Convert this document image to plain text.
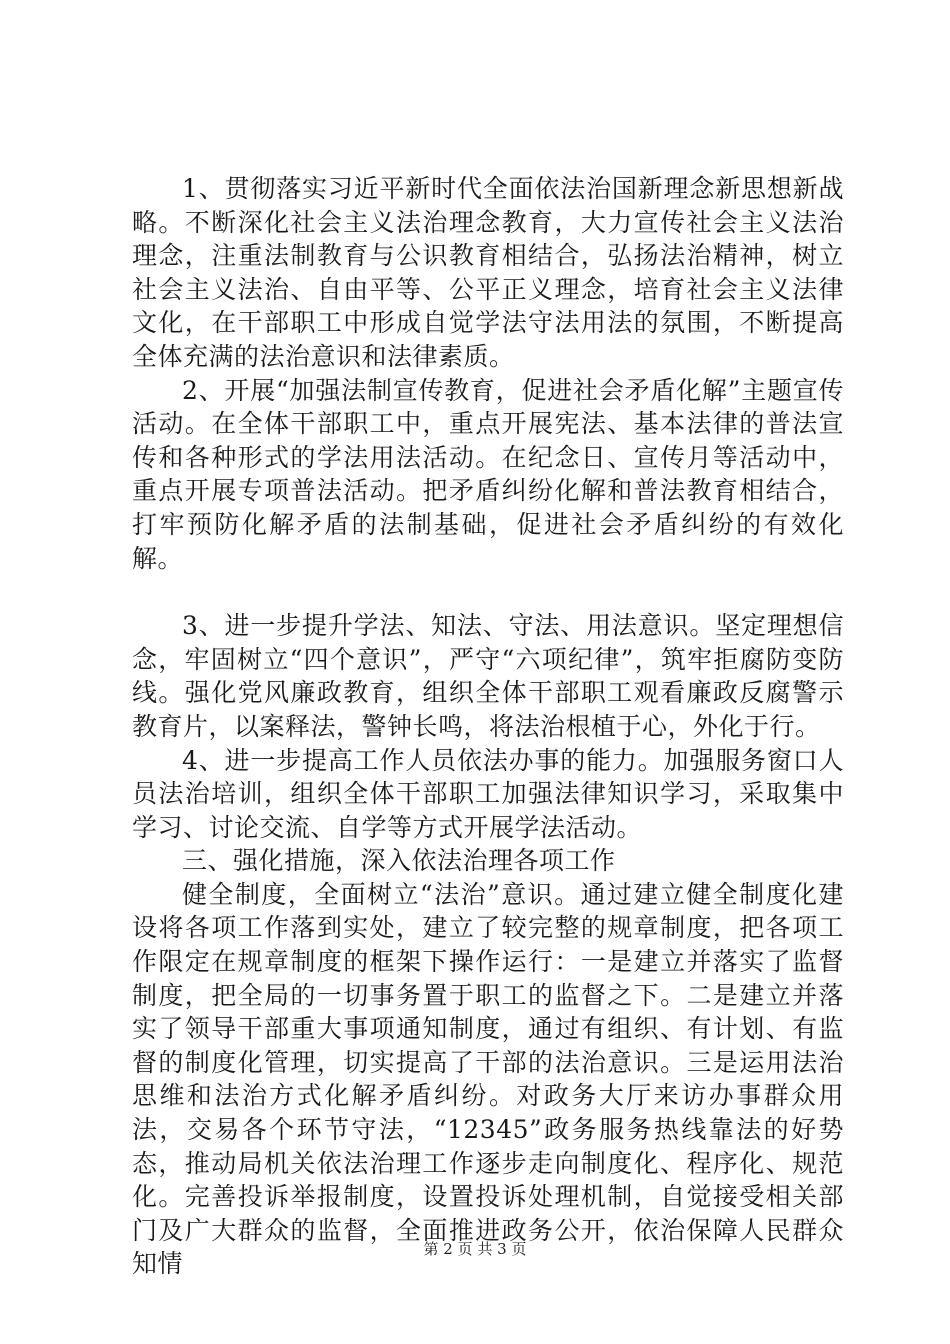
1、贯彻落实习近平新时代全面依法治国新理念新思想新战略。不断深化社会主义法治理念教育，大力宣传社会主义法治理念，注重法制教育与公识教育相结合，弘扬法治精神，树立社会主义法治、自由平等、公平正义理念，培育社会主义法律文化，在干部职工中形成自觉学法守法用法的氛围，不断提高全体充满的法治意识和法律素质。

2、开展“加强法制宣传教育，促进社会矛盾化解”主题宣传活动。在全体干部职工中，重点开展宪法、基本法律的普法宣传和各种形式的学法用法活动。在纪念日、宣传月等活动中，重点开展专项普法活动。把矛盾纠纷化解和普法教育相结合，打牢预防化解矛盾的法制基础，促进社会矛盾纠纷的有效化解。

3、进一步提升学法、知法、守法、用法意识。坚定理想信念，牢固树立“四个意识”，严守“六项纪律”，筑牢拒腐防变防线。强化党风廉政教育，组织全体干部职工观看廉政反腐警示教育片，以案释法，警钟长鸣，将法治根植于心，外化于行。

4、进一步提高工作人员依法办事的能力。加强服务窗口人员法治培训，组织全体干部职工加强法律知识学习，采取集中学习、讨论交流、自学等方式开展学法活动。

三、强化措施，深入依法治理各项工作

健全制度，全面树立“法治”意识。通过建立健全制度化建设将各项工作落到实处，建立了较完整的规章制度，把各项工作限定在规章制度的框架下操作运行：一是建立并落实了监督制度，把全局的一切事务置于职工的监督之下。二是建立并落实了领导干部重大事项通知制度，通过有组织、有计划、有监督的制度化管理，切实提高了干部的法治意识。三是运用法治思维和法治方式化解矛盾纠纷。对政务大厅来访办事群众用法，交易各个环节守法，“12345”政务服务热线靠法的好势态，推动局机关依法治理工作逐步走向制度化、程序化、规范化。完善投诉举报制度，设置投诉处理机制，自觉接受相关部门及广大群众的监督，全面推进政务公开，依治保障人民群众知情

第 2 页 共 3 页
